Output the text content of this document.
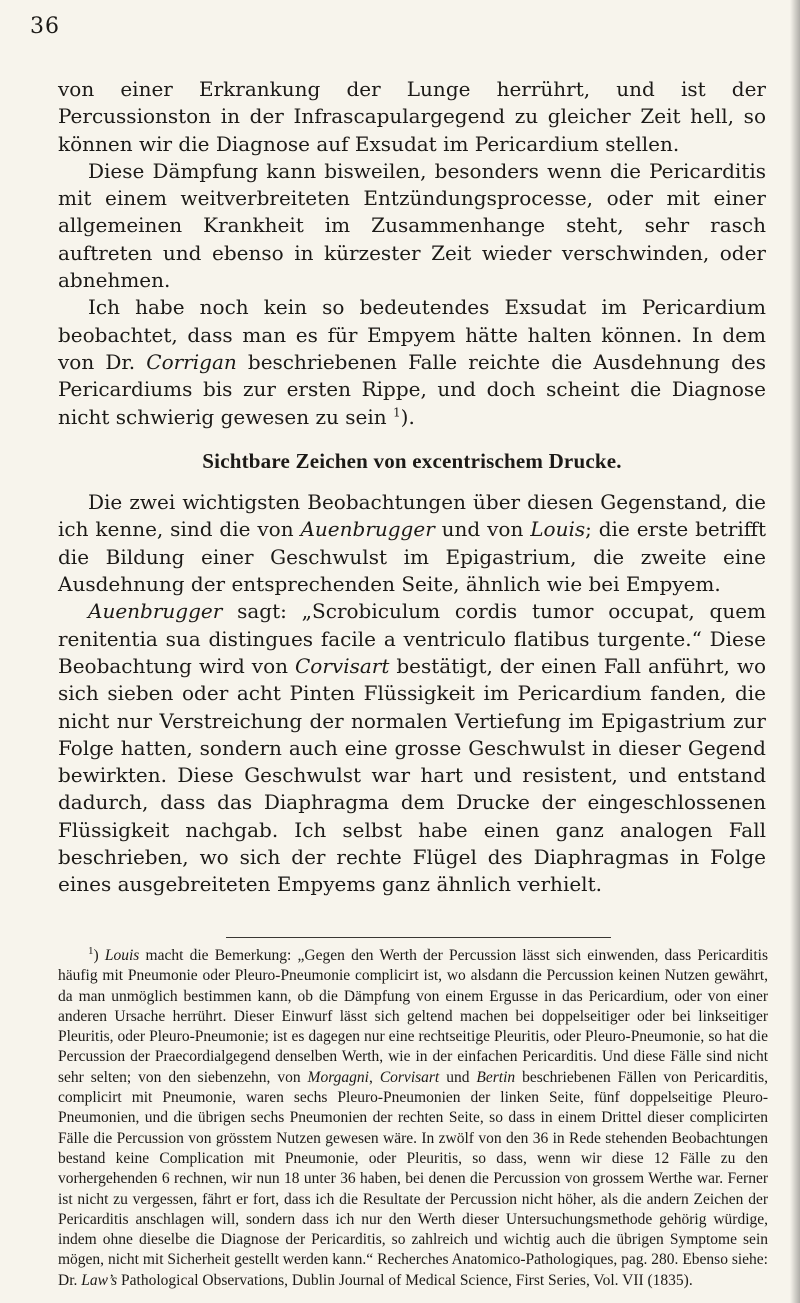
36

von einer Erkrankung der Lunge herrührt, und ist der Percussionston in der Infrascapulargegend zu gleicher Zeit hell, so können wir die Diagnose auf Exsudat im Pericardium stellen.

Diese Dämpfung kann bisweilen, besonders wenn die Pericarditis mit einem weitverbreiteten Entzündungsprocesse, oder mit einer allgemeinen Krankheit im Zusammenhange steht, sehr rasch auftreten und ebenso in kürzester Zeit wieder verschwinden, oder abnehmen.

Ich habe noch kein so bedeutendes Exsudat im Pericardium beobachtet, dass man es für Empyem hätte halten können. In dem von Dr. Corrigan beschriebenen Falle reichte die Ausdehnung des Pericardiums bis zur ersten Rippe, und doch scheint die Diagnose nicht schwierig gewesen zu sein $^1$).

Sichtbare Zeichen von excentrischem Drucke.

Die zwei wichtigsten Beobachtungen über diesen Gegenstand, die ich kenne, sind die von Auenbrugger und von Louis; die erste betrifft die Bildung einer Geschwulst im Epigastrium, die zweite eine Ausdehnung der entsprechenden Seite, ähnlich wie bei Empyem.

Auenbrugger sagt: „Scrobiculum cordis tumor occupat, quem renitentia sua distingues facile a ventriculo flatibus turgente.“ Diese Beobachtung wird von Corvisart bestätigt, der einen Fall anführt, wo sich sieben oder acht Pinten Flüssigkeit im Pericardium fanden, die nicht nur Verstreichung der normalen Vertiefung im Epigastrium zur Folge hatten, sondern auch eine grosse Geschwulst in dieser Gegend bewirkten. Diese Geschwulst war hart und resistent, und entstand dadurch, dass das Diaphragma dem Drucke der eingeschlossenen Flüssigkeit nachgab. Ich selbst habe einen ganz analogen Fall beschrieben, wo sich der rechte Flügel des Diaphragmas in Folge eines ausgebreiteten Empyems ganz ähnlich verhielt.

$^1$) Louis macht die Bemerkung: „Gegen den Werth der Percussion lässt sich einwenden, dass Pericarditis häufig mit Pneumonie oder Pleuro-Pneumonie complicirt ist, wo alsdann die Percussion keinen Nutzen gewährt, da man unmöglich bestimmen kann, ob die Dämpfung von einem Ergusse in das Pericardium, oder von einer anderen Ursache herrührt. Dieser Einwurf lässt sich geltend machen bei doppelseitiger oder bei linkseitiger Pleuritis, oder Pleuro-Pneumonie; ist es dagegen nur eine rechtseitige Pleuritis, oder Pleuro-Pneumonie, so hat die Percussion der Praecordialgegend denselben Werth, wie in der einfachen Pericarditis. Und diese Fälle sind nicht sehr selten; von den siebenzehn, von Morgagni, Corvisart und Bertin beschriebenen Fällen von Pericarditis, complicirt mit Pneumonie, waren sechs Pleuro-Pneumonien der linken Seite, fünf doppelseitige Pleuro-Pneumonien, und die übrigen sechs Pneumonien der rechten Seite, so dass in einem Drittel dieser complicirten Fälle die Percussion von grösstem Nutzen gewesen wäre. In zwölf von den 36 in Rede stehenden Beobachtungen bestand keine Complication mit Pneumonie, oder Pleuritis, so dass, wenn wir diese 12 Fälle zu den vorhergehenden 6 rechnen, wir nun 18 unter 36 haben, bei denen die Percussion von grossem Werthe war. Ferner ist nicht zu vergessen, fährt er fort, dass ich die Resultate der Percussion nicht höher, als die andern Zeichen der Pericarditis anschlagen will, sondern dass ich nur den Werth dieser Untersuchungsmethode gehörig würdige, indem ohne dieselbe die Diagnose der Pericarditis, so zahlreich und wichtig auch die übrigen Symptome sein mögen, nicht mit Sicherheit gestellt werden kann.“ Recherches Anatomico-Pathologiques, pag. 280. Ebenso siehe: Dr. Law’s Pathological Observations, Dublin Journal of Medical Science, First Series, Vol. VII (1835).
